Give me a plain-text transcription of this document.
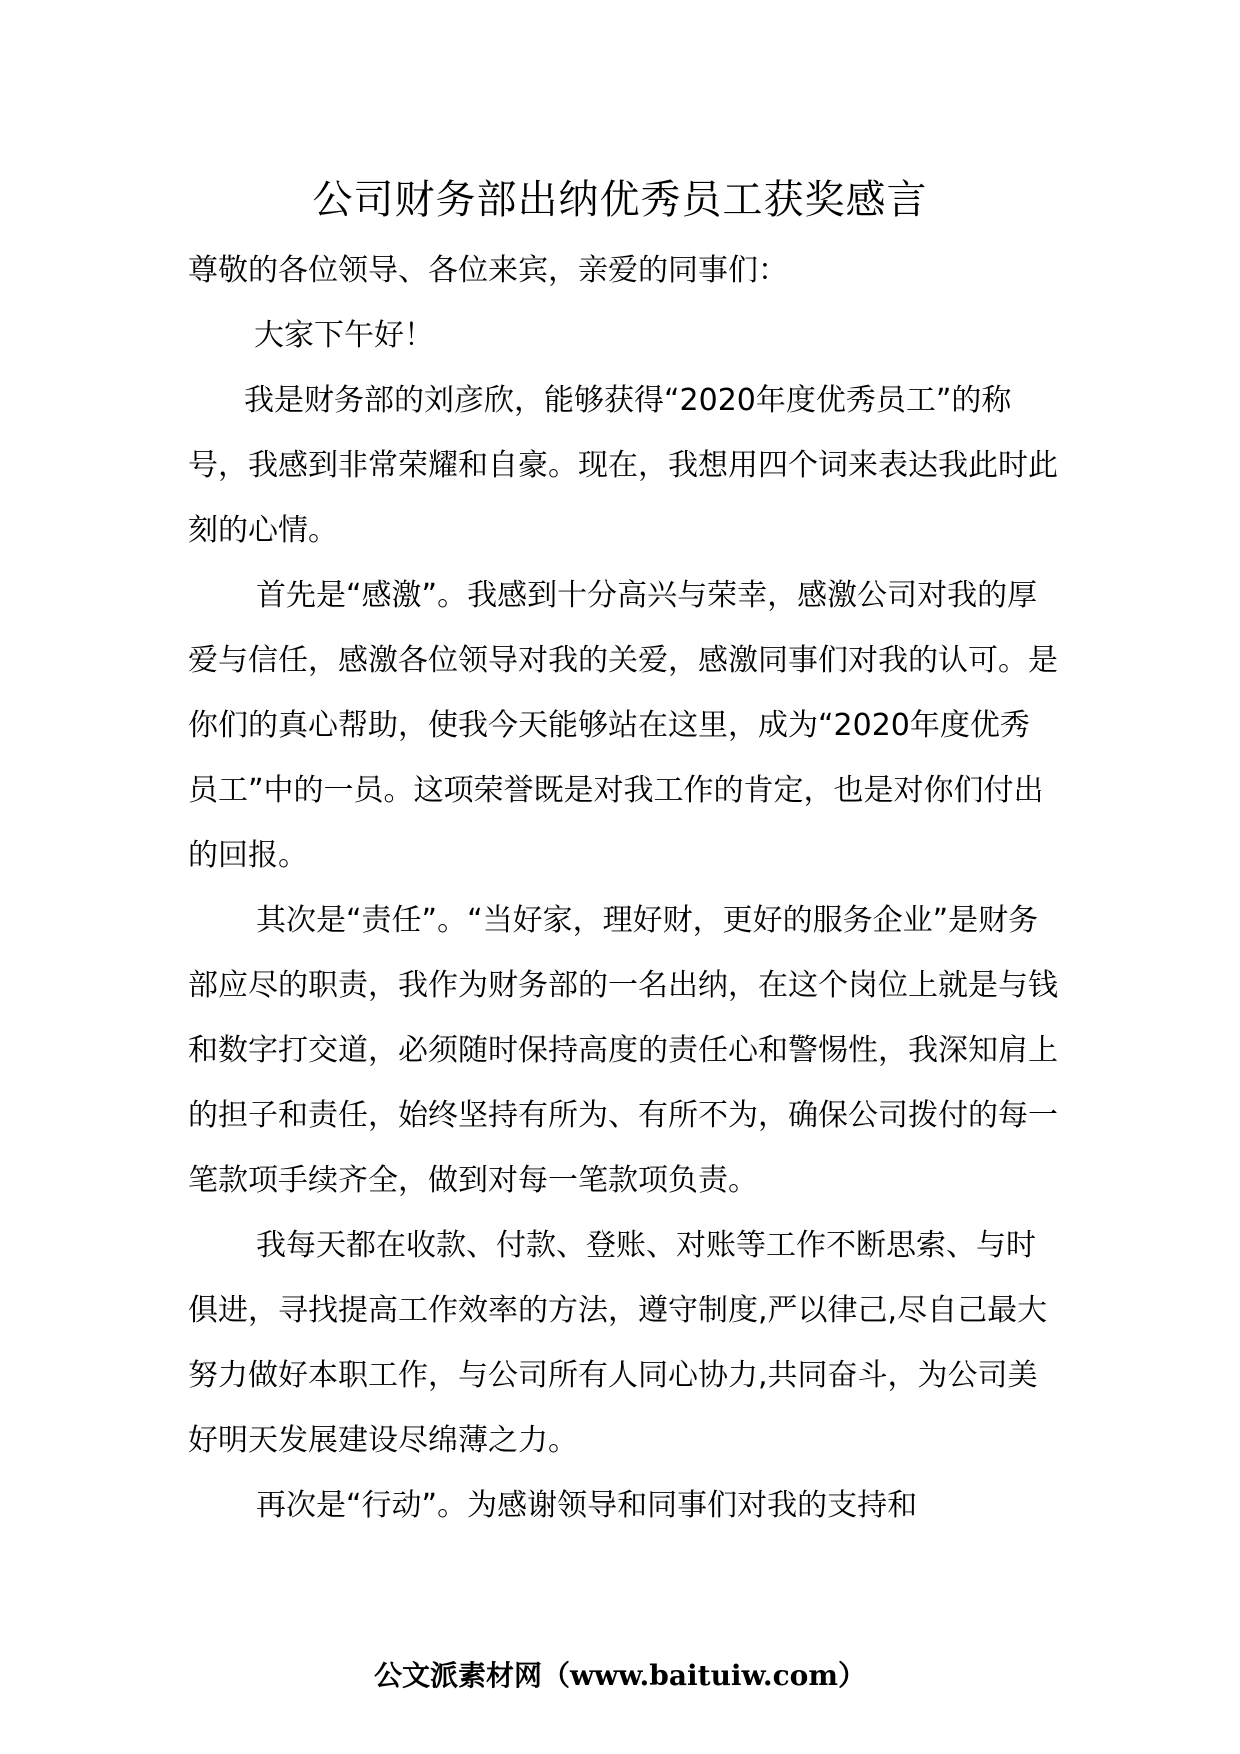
公司财务部出纳优秀员工获奖感言

尊敬的各位领导、各位来宾，亲爱的同事们：

大家下午好！

我是财务部的刘彦欣，能够获得“2020年度优秀员工”的称号，我感到非常荣耀和自豪。现在，我想用四个词来表达我此时此刻的心情。

首先是“感激”。我感到十分高兴与荣幸，感激公司对我的厚爱与信任，感激各位领导对我的关爱，感激同事们对我的认可。是你们的真心帮助，使我今天能够站在这里，成为“2020年度优秀员工”中的一员。这项荣誉既是对我工作的肯定，也是对你们付出的回报。

其次是“责任”。“当好家，理好财，更好的服务企业”是财务部应尽的职责，我作为财务部的一名出纳，在这个岗位上就是与钱和数字打交道，必须随时保持高度的责任心和警惕性，我深知肩上的担子和责任，始终坚持有所为、有所不为，确保公司拨付的每一笔款项手续齐全，做到对每一笔款项负责。

我每天都在收款、付款、登账、对账等工作不断思索、与时俱进，寻找提高工作效率的方法，遵守制度,严以律己,尽自己最大努力做好本职工作，与公司所有人同心协力,共同奋斗，为公司美好明天发展建设尽绵薄之力。

再次是“行动”。为感谢领导和同事们对我的支持和

公文派素材网（www.baituiw.com）
